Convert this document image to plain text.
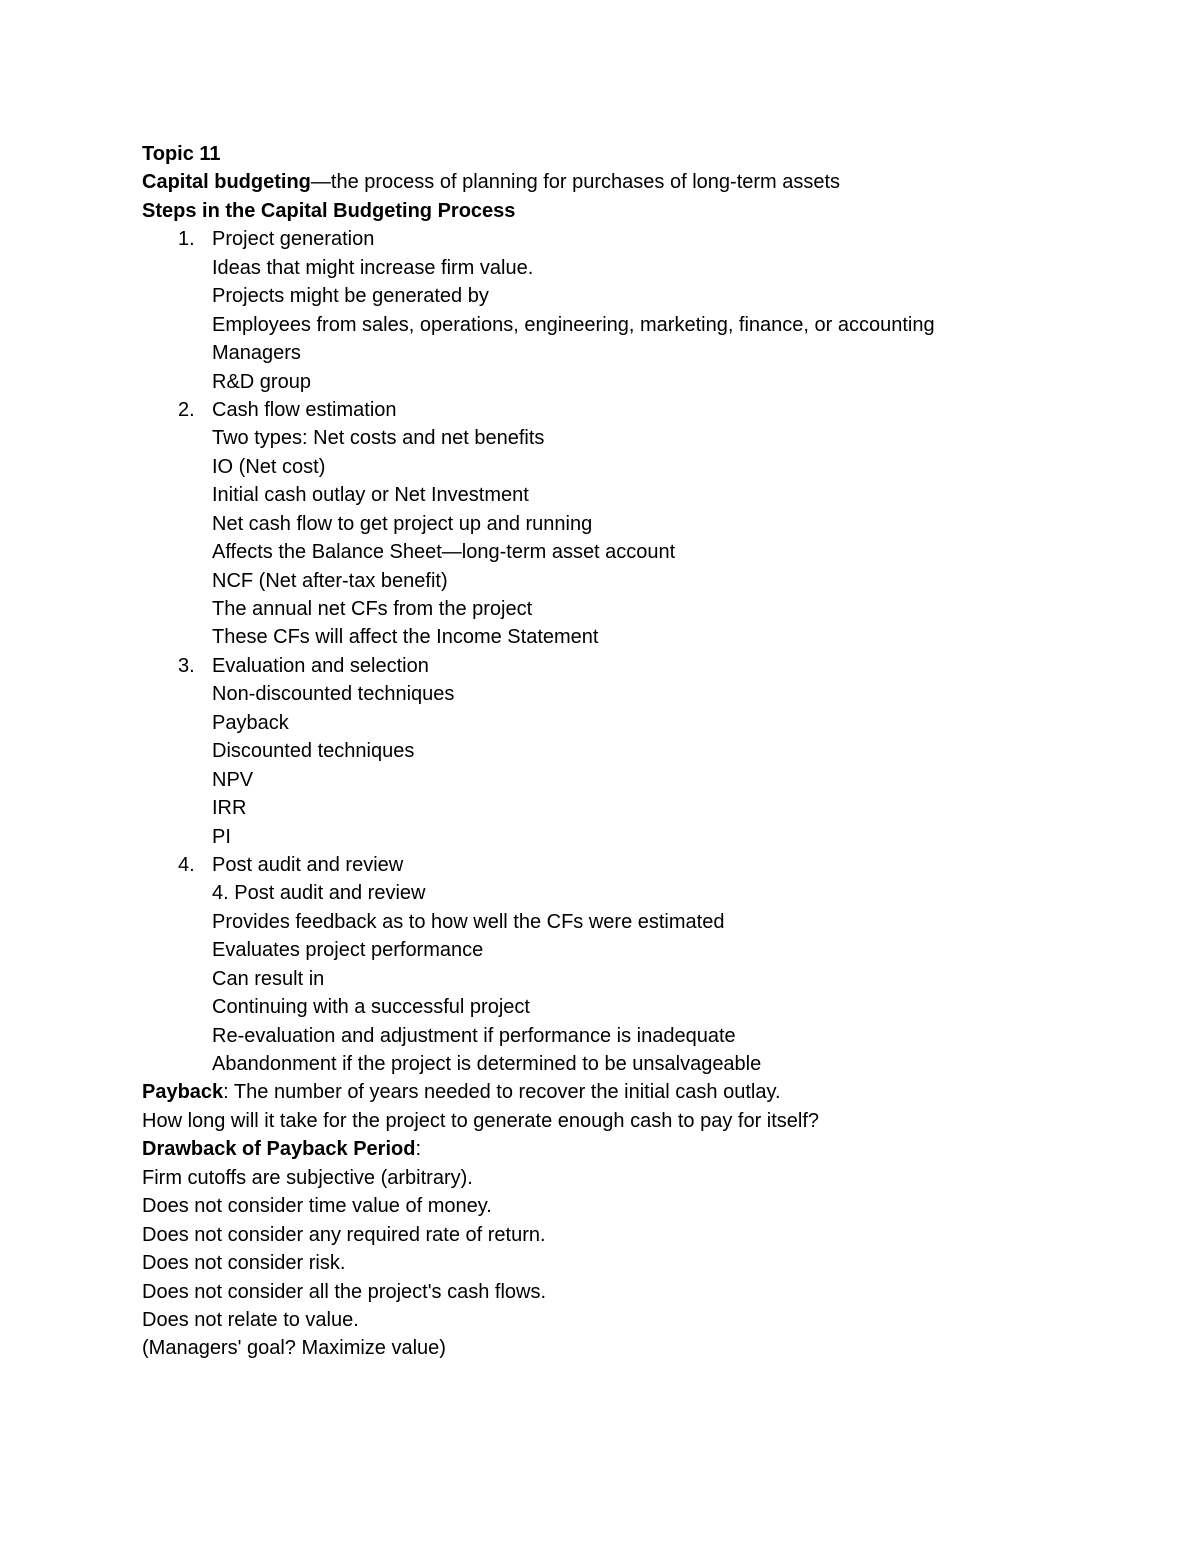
Topic 11
Capital budgeting—the process of planning for purchases of long-term assets
Steps in the Capital Budgeting Process
1. Project generation
Ideas that might increase firm value.
Projects might be generated by
Employees from sales, operations, engineering, marketing, finance, or accounting
Managers
R&D group
2. Cash flow estimation
Two types: Net costs and net benefits
IO (Net cost)
Initial cash outlay or Net Investment
Net cash flow to get project up and running
Affects the Balance Sheet—long-term asset account
NCF (Net after-tax benefit)
The annual net CFs from the project
These CFs will affect the Income Statement
3. Evaluation and selection
Non-discounted techniques
Payback
Discounted techniques
NPV
IRR
PI
4. Post audit and review
4. Post audit and review
Provides feedback as to how well the CFs were estimated
Evaluates project performance
Can result in
Continuing with a successful project
Re-evaluation and adjustment if performance is inadequate
Abandonment if the project is determined to be unsalvageable
Payback: The number of years needed to recover the initial cash outlay.
How long will it take for the project to generate enough cash to pay for itself?
Drawback of Payback Period:
Firm cutoffs are subjective (arbitrary).
Does not consider time value of money.
Does not consider any required rate of return.
Does not consider risk.
Does not consider all the project's cash flows.
Does not relate to value.
(Managers' goal? Maximize value)
